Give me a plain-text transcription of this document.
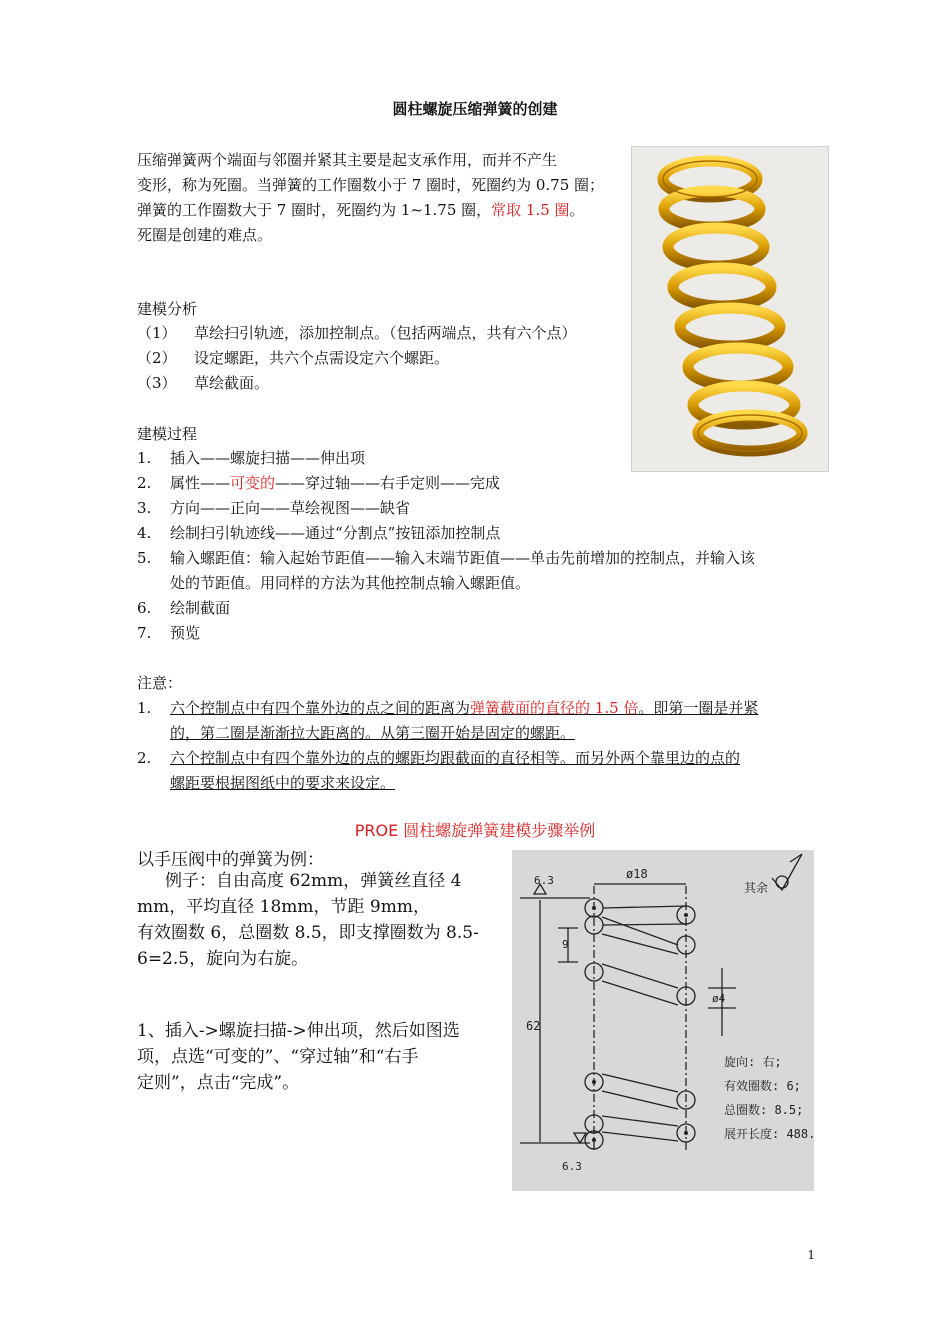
圆柱螺旋压缩弹簧的创建
压缩弹簧两个端面与邻圈并紧其主要是起支承作用，而并不产生
变形，称为死圈。当弹簧的工作圈数小于 7 圈时，死圈约为 0.75 圈；
弹簧的工作圈数大于 7 圈时，死圈约为 1~1.75 圈，常取 1.5 圈。
死圈是创建的难点。
建模分析
（1） 草绘扫引轨迹，添加控制点。（包括两端点，共有六个点）
（2） 设定螺距，共六个点需设定六个螺距。
（3） 草绘截面。
建模过程
1. 插入——螺旋扫描——伸出项
2. 属性——可变的——穿过轴——右手定则——完成
3. 方向——正向——草绘视图——缺省
4. 绘制扫引轨迹线——通过“分割点”按钮添加控制点
5. 输入螺距值：输入起始节距值——输入末端节距值——单击先前增加的控制点，并输入该
处的节距值。用同样的方法为其他控制点输入螺距值。
6. 绘制截面
7. 预览
注意：
1. 六个控制点中有四个靠外边的点之间的距离为弹簧截面的直径的 1.5 倍。即第一圈是并紧
的，第二圈是渐渐拉大距离的。从第三圈开始是固定的螺距。
2. 六个控制点中有四个靠外边的点的螺距均跟截面的直径相等。而另外两个靠里边的点的
螺距要根据图纸中的要求来设定。
PROE 圆柱螺旋弹簧建模步骤举例
以手压阀中的弹簧为例：
例子：自由高度 62mm，弹簧丝直径 4
mm，平均直径 18mm，节距 9mm，
有效圈数 6，总圈数 8.5，即支撑圈数为 8.5-
6=2.5，旋向为右旋。
1、插入->螺旋扫描->伸出项，然后如图选
项，点选“可变的”、“穿过轴”和“右手
定则”，点击“完成”。
ø18
9
62
ø4
6.3
6.3
其余
旋向: 右;
有效圈数: 6;
总圈数: 8.5;
展开长度: 488.
1
